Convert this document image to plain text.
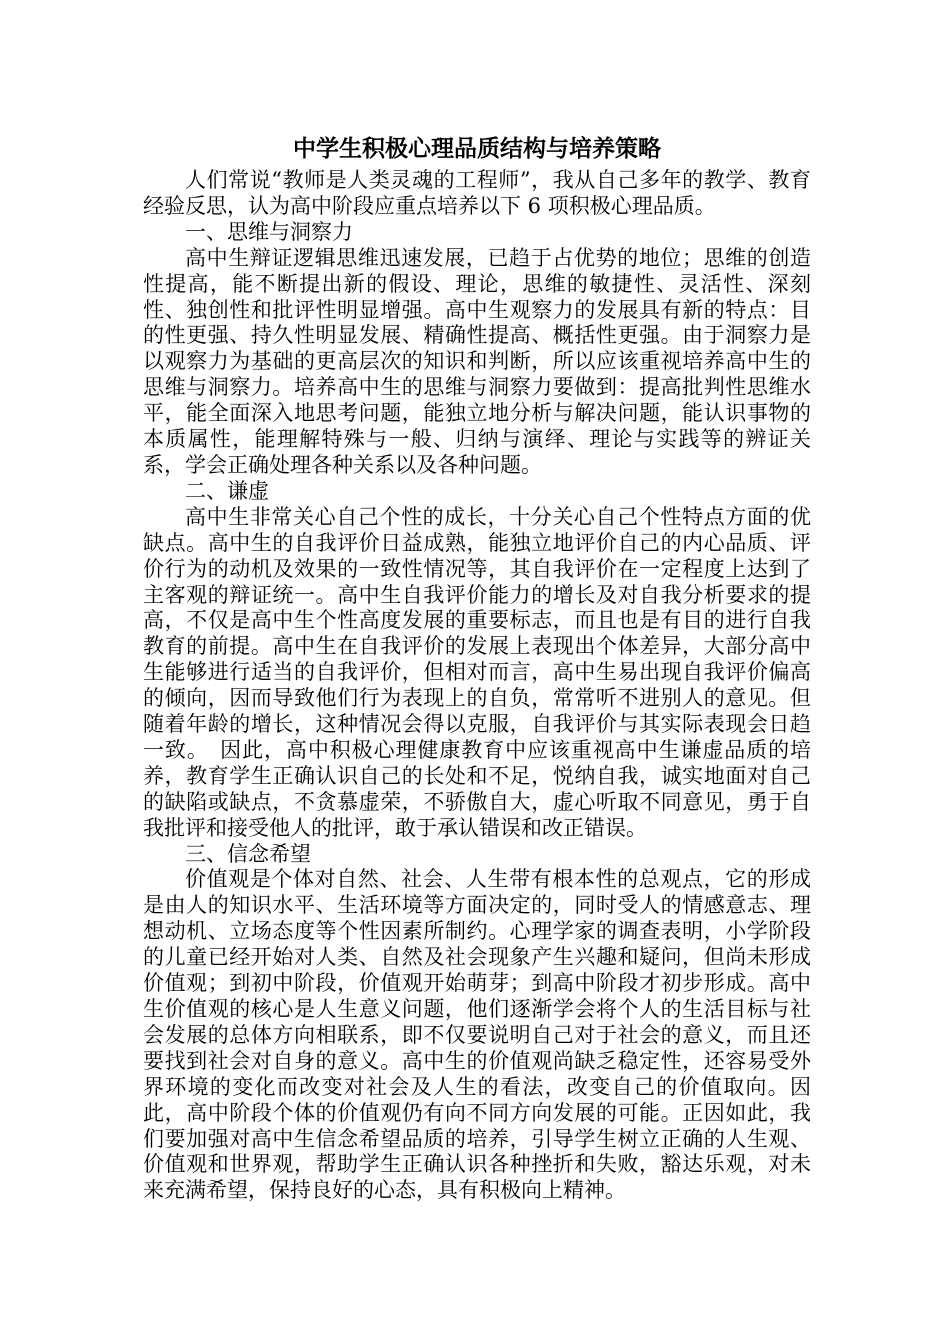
中学生积极心理品质结构与培养策略

人们常说“教师是人类灵魂的工程师”，我从自己多年的教学、教育经验反思，认为高中阶段应重点培养以下 6 项积极心理品质。

一、思维与洞察力

高中生辩证逻辑思维迅速发展，已趋于占优势的地位；思维的创造性提高，能不断提出新的假设、理论，思维的敏捷性、灵活性、深刻性、独创性和批评性明显增强。高中生观察力的发展具有新的特点：目的性更强、持久性明显发展、精确性提高、概括性更强。由于洞察力是以观察力为基础的更高层次的知识和判断，所以应该重视培养高中生的思维与洞察力。培养高中生的思维与洞察力要做到：提高批判性思维水平，能全面深入地思考问题，能独立地分析与解决问题，能认识事物的本质属性，能理解特殊与一般、归纳与演绎、理论与实践等的辨证关系，学会正确处理各种关系以及各种问题。

二、谦虚

高中生非常关心自己个性的成长，十分关心自己个性特点方面的优缺点。高中生的自我评价日益成熟，能独立地评价自己的内心品质、评价行为的动机及效果的一致性情况等，其自我评价在一定程度上达到了主客观的辩证统一。高中生自我评价能力的增长及对自我分析要求的提高，不仅是高中生个性高度发展的重要标志，而且也是有目的进行自我教育的前提。高中生在自我评价的发展上表现出个体差异，大部分高中生能够进行适当的自我评价，但相对而言，高中生易出现自我评价偏高的倾向，因而导致他们行为表现上的自负，常常听不进别人的意见。但随着年龄的增长，这种情况会得以克服，自我评价与其实际表现会日趋一致。　因此，高中积极心理健康教育中应该重视高中生谦虚品质的培养，教育学生正确认识自己的长处和不足，悦纳自我，诚实地面对自己的缺陷或缺点，不贪慕虚荣，不骄傲自大，虚心听取不同意见，勇于自我批评和接受他人的批评，敢于承认错误和改正错误。

三、信念希望

价值观是个体对自然、社会、人生带有根本性的总观点，它的形成是由人的知识水平、生活环境等方面决定的，同时受人的情感意志、理想动机、立场态度等个性因素所制约。心理学家的调查表明，小学阶段的儿童已经开始对人类、自然及社会现象产生兴趣和疑问，但尚未形成价值观；到初中阶段，价值观开始萌芽；到高中阶段才初步形成。高中生价值观的核心是人生意义问题，他们逐渐学会将个人的生活目标与社会发展的总体方向相联系，即不仅要说明自己对于社会的意义，而且还要找到社会对自身的意义。高中生的价值观尚缺乏稳定性，还容易受外界环境的变化而改变对社会及人生的看法，改变自己的价值取向。因此，高中阶段个体的价值观仍有向不同方向发展的可能。正因如此，我们要加强对高中生信念希望品质的培养，引导学生树立正确的人生观、价值观和世界观，帮助学生正确认识各种挫折和失败，豁达乐观，对未来充满希望，保持良好的心态，具有积极向上精神。
